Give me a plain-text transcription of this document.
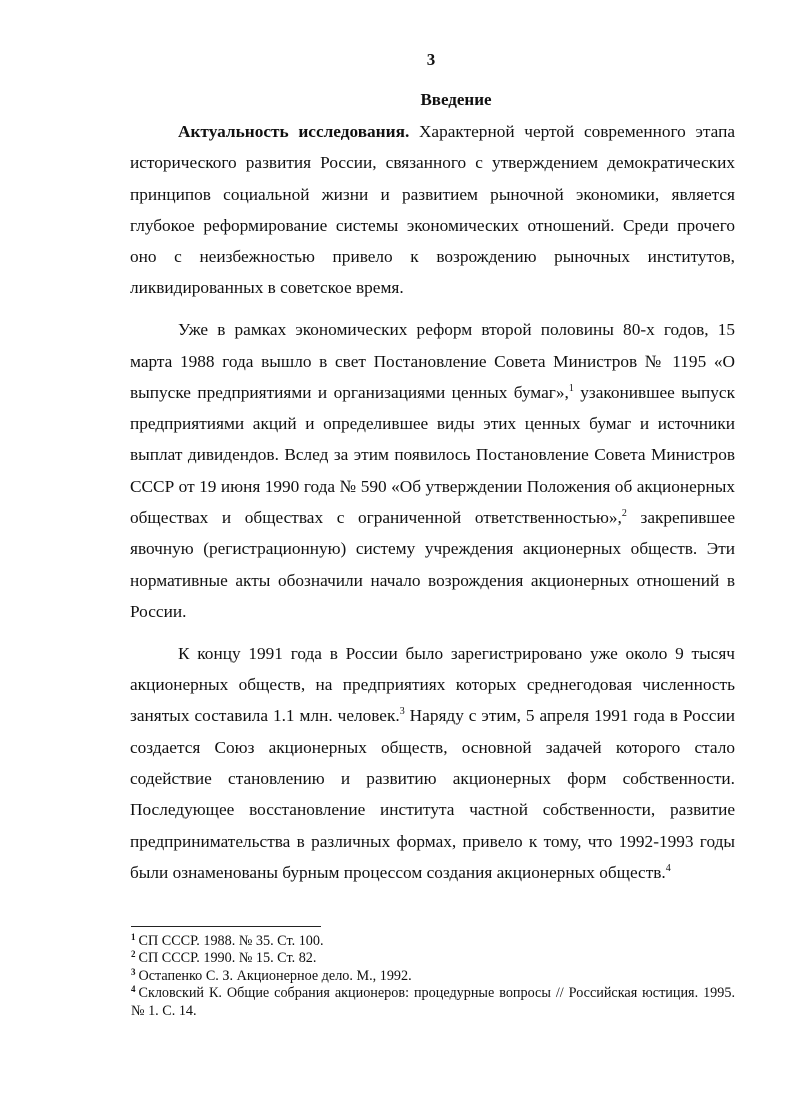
3
Введение

Актуальность исследования. Характерной чертой современного этапа исторического развития России, связанного с утверждением демократических принципов социальной жизни и развитием рыночной экономики, является глубокое реформирование системы экономических отношений. Среди прочего оно с неизбежностью привело к возрождению рыночных институтов, ликвидированных в советское время.

Уже в рамках экономических реформ второй половины 80-х годов, 15 марта 1988 года вышло в свет Постановление Совета Министров № 1195 «О выпуске предприятиями и организациями ценных бумаг»,$^1$ узаконившее выпуск предприятиями акций и определившее виды этих ценных бумаг и источники выплат дивидендов. Вслед за этим появилось Постановление Совета Министров СССР от 19 июня 1990 года № 590 «Об утверждении Положения об акционерных обществах и обществах с ограниченной ответственностью»,$^2$ закрепившее явочную (регистрационную) систему учреждения акционерных обществ. Эти нормативные акты обозначили начало возрождения акционерных отношений в России.

К концу 1991 года в России было зарегистрировано уже около 9 тысяч акционерных обществ, на предприятиях которых среднегодовая численность занятых составила 1.1 млн. человек.$^3$ Наряду с этим, 5 апреля 1991 года в России создается Союз акционерных обществ, основной задачей которого стало содействие становлению и развитию акционерных форм собственности. Последующее восстановление института частной собственности, развитие предпринимательства в различных формах, привело к тому, что 1992-1993 годы были ознаменованы бурным процессом создания акционерных обществ.$^4$

$^1$ СП СССР. 1988. № 35. Ст. 100.

$^2$ СП СССР. 1990. № 15. Ст. 82.

$^3$ Остапенко С. З. Акционерное дело. М., 1992.

$^4$ Скловский К. Общие собрания акционеров: процедурные вопросы // Российская юстиция. 1995. № 1. С. 14.
